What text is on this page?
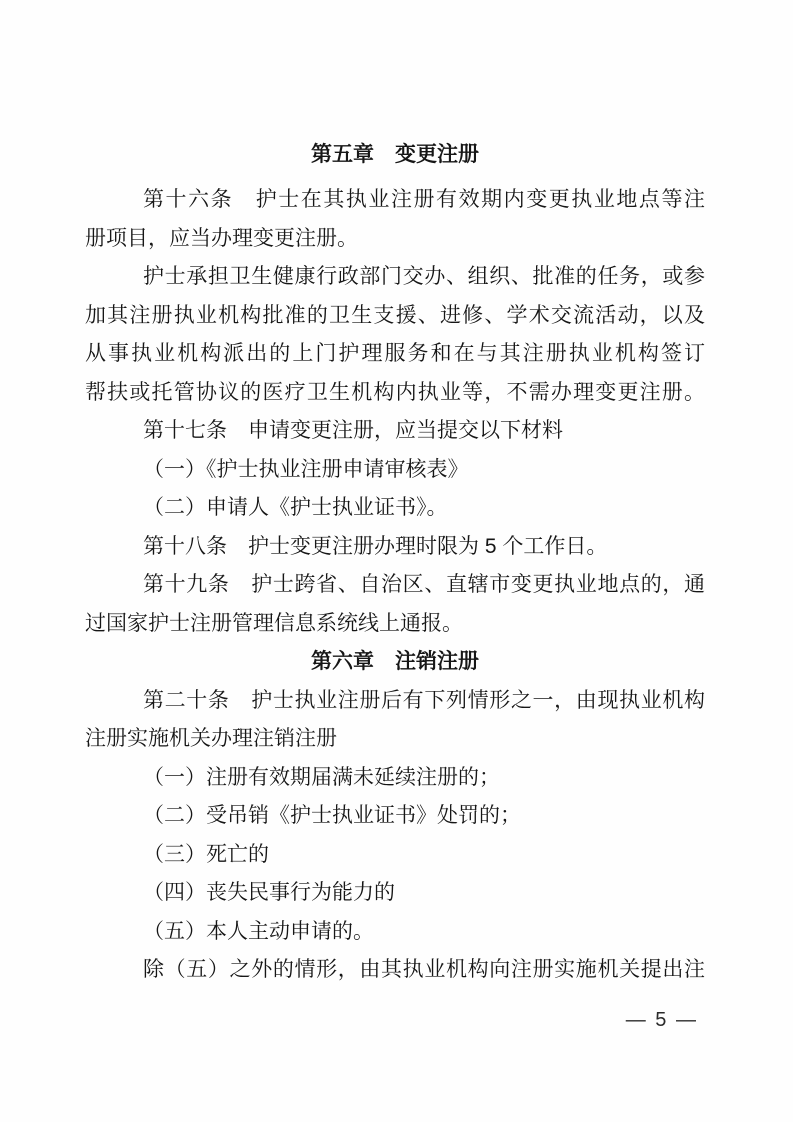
第五章　变更注册
第十六条　护士在其执业注册有效期内变更执业地点等注
册项目，应当办理变更注册。
护士承担卫生健康行政部门交办、组织、批准的任务，或参
加其注册执业机构批准的卫生支援、进修、学术交流活动，以及
从事执业机构派出的上门护理服务和在与其注册执业机构签订
帮扶或托管协议的医疗卫生机构内执业等，不需办理变更注册。
第十七条　申请变更注册，应当提交以下材料
（一）《护士执业注册申请审核表》
（二）申请人《护士执业证书》。
第十八条　护士变更注册办理时限为 5 个工作日。
第十九条　护士跨省、自治区、直辖市变更执业地点的，通
过国家护士注册管理信息系统线上通报。
第六章　注销注册
第二十条　护士执业注册后有下列情形之一，由现执业机构
注册实施机关办理注销注册
（一）注册有效期届满未延续注册的；
（二）受吊销《护士执业证书》处罚的；
（三）死亡的
（四）丧失民事行为能力的
（五）本人主动申请的。
除（五）之外的情形，由其执业机构向注册实施机关提出注
— 5 —
